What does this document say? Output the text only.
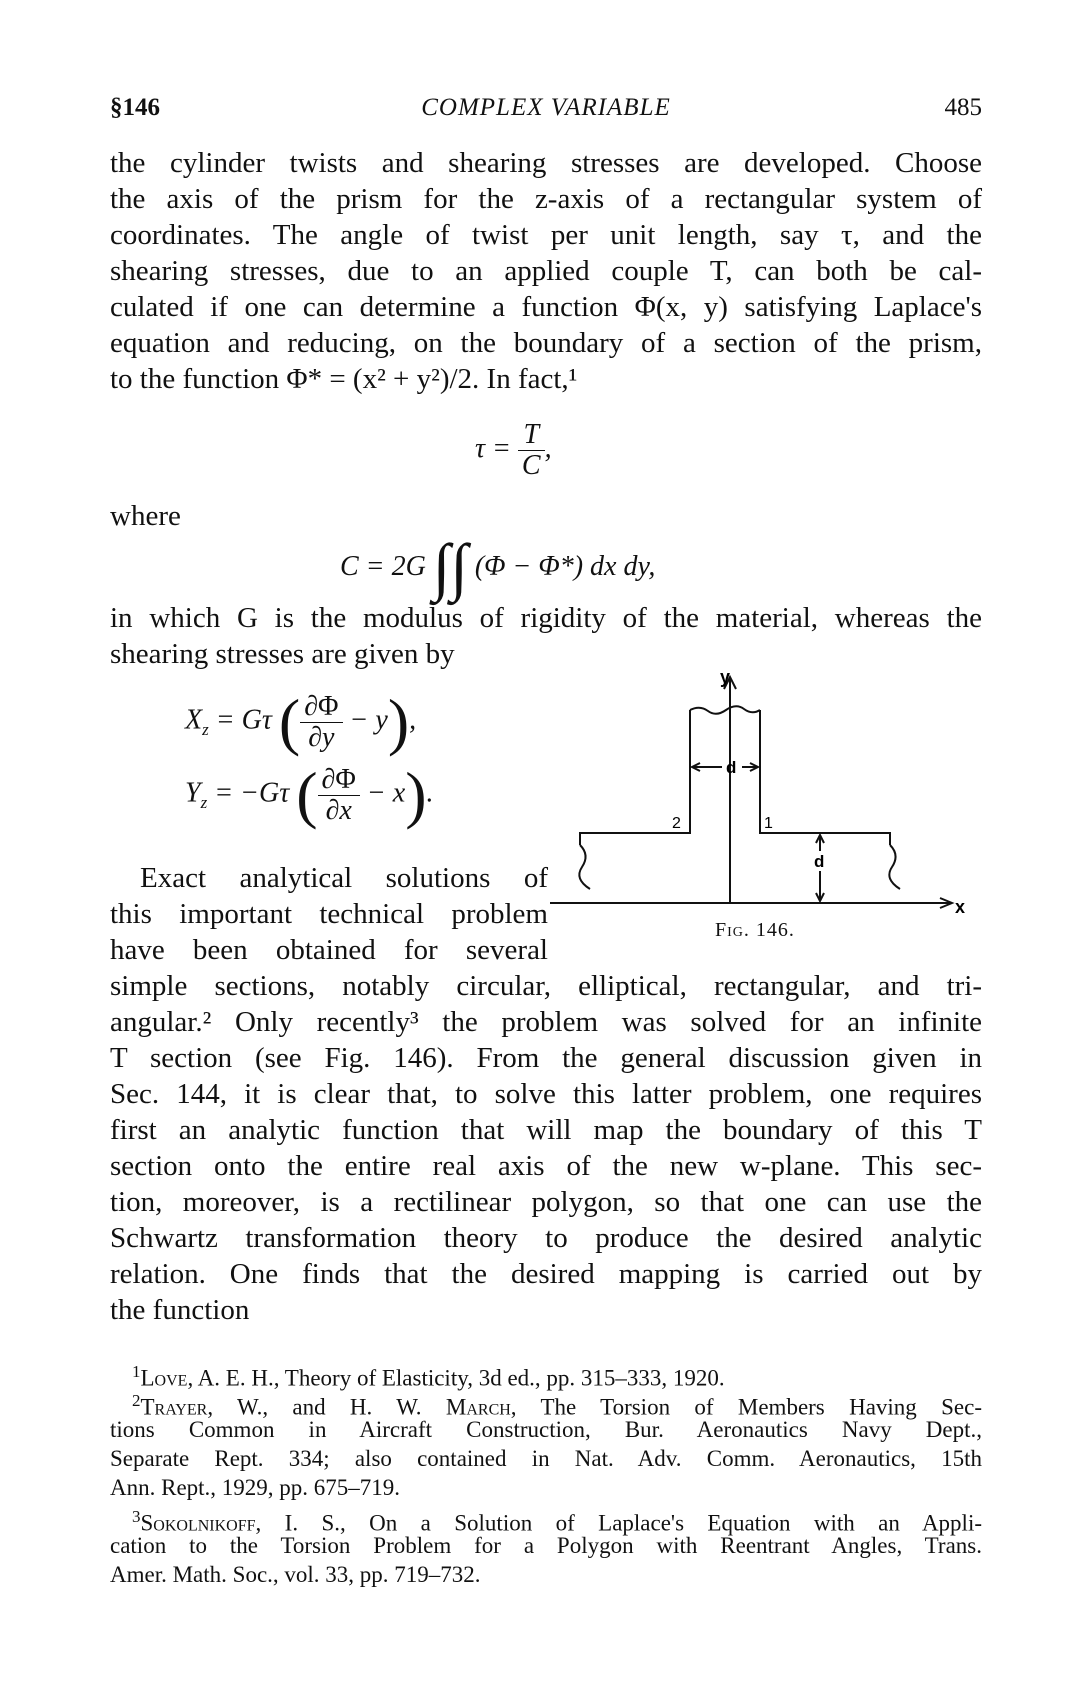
§146	COMPLEX VARIABLE	485
the cylinder twists and shearing stresses are developed. Choose
the axis of the prism for the z-axis of a rectangular system of
coordinates. The angle of twist per unit length, say τ, and the
shearing stresses, due to an applied couple T, can both be cal-
culated if one can determine a function Φ(x, y) satisfying Laplace's
equation and reducing, on the boundary of a section of the prism,
to the function Φ* = (x² + y²)/2. In fact,¹
$\tau = \frac{T}{C}$ ,
where
C = 2G ∫∫ (Φ − Φ*) dx dy,
in which G is the modulus of rigidity of the material, whereas the
shearing stresses are given by
$X_z = G\tau$ ( $\frac{\partial\Phi}{\partial y} - y$),
$Y_z = -G\tau$ ( $\frac{\partial\Phi}{\partial x} - x$).
Exact analytical solutions of
this important technical problem
have been obtained for several
y
x
d
d
2	1
Fig. 146.
simple sections, notably circular, elliptical, rectangular, and tri-
angular.² Only recently³ the problem was solved for an infinite
T section (see Fig. 146). From the general discussion given in
Sec. 144, it is clear that, to solve this latter problem, one requires
first an analytic function that will map the boundary of this T
section onto the entire real axis of the new w-plane. This sec-
tion, moreover, is a rectilinear polygon, so that one can use the
Schwartz transformation theory to produce the desired analytic
relation. One finds that the desired mapping is carried out by
the function
$^1$Love, A. E. H., Theory of Elasticity, 3d ed., pp. 315–333, 1920.
$^2$Trayer, W., and H. W. March, The Torsion of Members Having Sec-
tions Common in Aircraft Construction, Bur. Aeronautics Navy Dept.,
Separate Rept. 334; also contained in Nat. Adv. Comm. Aeronautics, 15th
Ann. Rept., 1929, pp. 675–719.
$^3$Sokolnikoff, I. S., On a Solution of Laplace's Equation with an Appli-
cation to the Torsion Problem for a Polygon with Reentrant Angles, Trans.
Amer. Math. Soc., vol. 33, pp. 719–732.
